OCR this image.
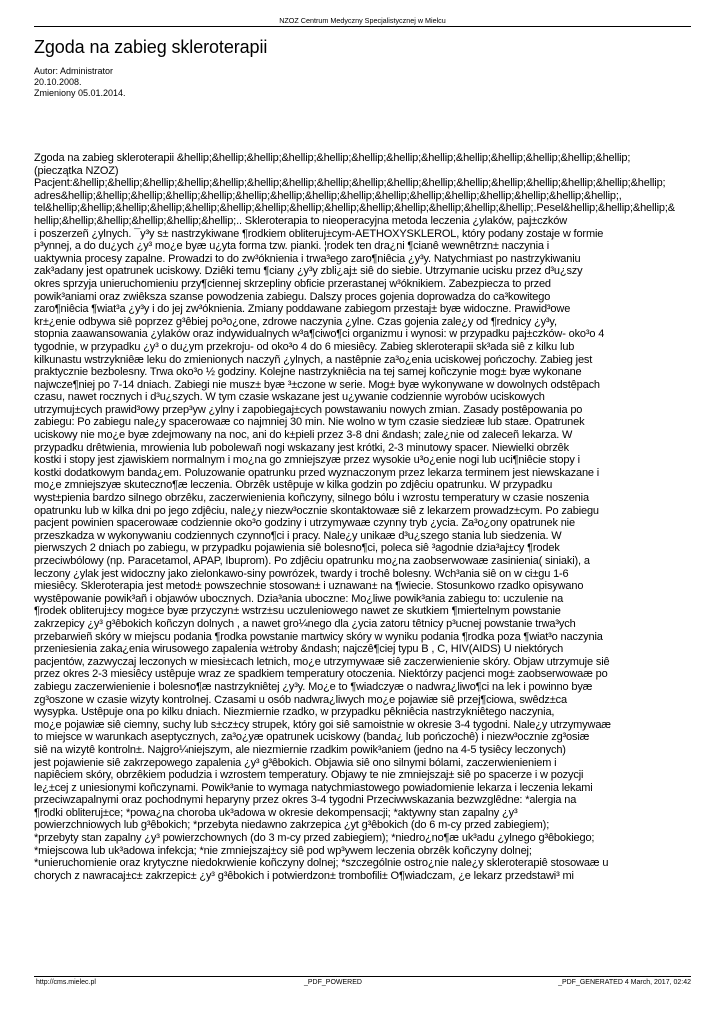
NZOZ Centrum Medyczny Specjalistycznej w Mielcu
Zgoda na zabieg skleroterapii
Autor: Administrator
20.10.2008.
Zmieniony 05.01.2014.
Zgoda na zabieg skleroterapii &hellip;&hellip;&hellip;&hellip;&hellip;&hellip;&hellip;&hellip;&hellip;&hellip;&hellip;&hellip;&hellip;
(pieczątka NZOZ)
Pacjent:&hellip;&hellip;&hellip;&hellip;&hellip;&hellip;&hellip;&hellip;&hellip;&hellip;&hellip;&hellip;&hellip;&hellip;&hellip;&hellip;&hellip;
adres&hellip;&hellip;&hellip;&hellip;&hellip;&hellip;&hellip;&hellip;&hellip;&hellip;&hellip;&hellip;&hellip;&hellip;&hellip;&hellip;,
tel&hellip;&hellip;&hellip;&hellip;&hellip;&hellip;&hellip;&hellip;&hellip;&hellip;&hellip;&hellip;&hellip;&hellip;.Pesel&hellip;&hellip;&hellip;&
hellip;&hellip;&hellip;&hellip;&hellip;&hellip;.. Skleroterapia to nieoperacyjna metoda leczenia ¿ylaków, paj±czków
i poszerzeñ ¿ylnych. ¯y³y s± nastrzykiwane ¶rodkiem obliteruj±cym-AETHOXYSKLEROL, który podany zostaje w formie
p³ynnej, a do du¿ych ¿y³ mo¿e byæ u¿yta forma tzw. pianki. ¦rodek ten dra¿ni ¶cianê wewnêtrzn± naczynia i
uaktywnia procesy zapalne. Prowadzi to do zw³óknienia i trwa³ego zaro¶niêcia ¿y³y. Natychmiast po nastrzykiwaniu
zak³adany jest opatrunek uciskowy. Dziêki temu ¶ciany ¿y³y zbli¿aj± siê do siebie. Utrzymanie ucisku przez d³u¿szy
okres sprzyja unieruchomieniu przy¶ciennej skrzepliny obficie przerastanej w³óknikiem. Zabezpiecza to przed
powik³aniami oraz zwiêksza szanse powodzenia zabiegu. Dalszy proces gojenia doprowadza do ca³kowitego
zaro¶niêcia ¶wiat³a ¿y³y i do jej zw³óknienia. Zmiany poddawane zabiegom przestaj± byæ widoczne. Prawid³owe
kr±¿enie odbywa siê poprzez g³êbiej po³o¿one, zdrowe naczynia ¿ylne. Czas gojenia zale¿y od ¶rednicy ¿y³y,
stopnia zaawansowania ¿ylaków oraz indywidualnych w³a¶ciwo¶ci organizmu i wynosi: w przypadku paj±czków- oko³o 4
tygodnie, w przypadku ¿y³ o du¿ym przekroju- od oko³o 4 do 6 miesiêcy. Zabieg skleroterapii sk³ada siê z kilku lub
kilkunastu wstrzykniêæ leku do zmienionych naczyñ ¿ylnych, a nastêpnie za³o¿enia uciskowej pończochy. Zabieg jest
praktycznie bezbolesny. Trwa oko³o ½ godziny. Kolejne nastrzykniêcia na tej samej koñczynie mog± byæ wykonane
najwcze¶niej po 7-14 dniach. Zabiegi nie musz± byæ ³±czone w serie. Mog± byæ wykonywane w dowolnych odstêpach
czasu, nawet rocznych i d³u¿szych. W tym czasie wskazane jest u¿ywanie codziennie wyrobów uciskowych
utrzymuj±cych prawid³owy przep³yw ¿ylny i zapobiegaj±cych powstawaniu nowych zmian. Zasady postêpowania po
zabiegu: Po zabiegu nale¿y spacerowaæ co najmniej 30 min. Nie wolno w tym czasie siedzieæ lub staæ. Opatrunek
uciskowy nie mo¿e byæ zdejmowany na noc, ani do k±pieli przez 3-8 dni &ndash; zale¿nie od zaleceñ lekarza. W
przypadku drêtwienia, mrowienia lub pobolewañ nogi wskazany jest krótki, 2-3 minutowy spacer. Niewielki obrzêk
kostki i stopy jest zjawiskiem normalnym i mo¿na go zmniejszyæ przez wysokie u³o¿enie nogi lub uci¶niêcie stopy i
kostki dodatkowym banda¿em. Poluzowanie opatrunku przed wyznaczonym przez lekarza terminem jest niewskazane i
mo¿e zmniejszyæ skuteczno¶æ leczenia. Obrzêk ustêpuje w kilka godzin po zdjêciu opatrunku. W przypadku
wyst±pienia bardzo silnego obrzêku, zaczerwienienia koñczyny, silnego bólu i wzrostu temperatury w czasie noszenia
opatrunku lub w kilka dni po jego zdjêciu, nale¿y niezw³ocznie skontaktowaæ siê z lekarzem prowadz±cym. Po zabiegu
pacjent powinien spacerowaæ codziennie oko³o godziny i utrzymywaæ czynny tryb ¿ycia. Za³o¿ony opatrunek nie
przeszkadza w wykonywaniu codziennych czynno¶ci i pracy. Nale¿y unikaæ d³u¿szego stania lub siedzenia. W
pierwszych 2 dniach po zabiegu, w przypadku pojawienia siê bolesno¶ci, poleca siê ³agodnie dzia³aj±cy ¶rodek
przeciwbólowy (np. Paracetamol, APAP, Ibuprom). Po zdjêciu opatrunku mo¿na zaobserwowaæ zasinienia( siniaki), a
leczony ¿ylak jest widoczny jako zielonkawo-siny powrózek, twardy i trochê bolesny. Wch³ania siê on w ci±gu 1-6
miesiêcy. Skleroterapia jest metod± powszechnie stosowan± i uznawan± na ¶wiecie. Stosunkowo rzadko opisywano
wystêpowanie powik³añ i objawów ubocznych. Dzia³ania uboczne: Mo¿liwe powik³ania zabiegu to: uczulenie na
¶rodek obliteruj±cy mog±ce byæ przyczyn± wstrz±su uczuleniowego nawet ze skutkiem ¶miertelnym powstanie
zakrzepicy ¿y³ g³êbokich koñczyn dolnych , a nawet gro¼nego dla ¿ycia zatoru têtnicy p³ucnej powstanie trwa³ych
przebarwieñ skóry w miejscu podania ¶rodka powstanie martwicy skóry w wyniku podania ¶rodka poza ¶wiat³o naczynia
przeniesienia zaka¿enia wirusowego zapalenia w±troby &ndash; najczê¶ciej typu B , C, HIV(AIDS) U niektórych
pacjentów, zazwyczaj leczonych w miesi±cach letnich, mo¿e utrzymywaæ siê zaczerwienienie skóry. Objaw utrzymuje siê
przez okres 2-3 miesiêcy ustêpuje wraz ze spadkiem temperatury otoczenia. Niektórzy pacjenci mog± zaobserwowaæ po
zabiegu zaczerwienienie i bolesno¶æ nastrzykniêtej ¿y³y. Mo¿e to ¶wiadczyæ o nadwra¿liwo¶ci na lek i powinno byæ
zg³oszone w czasie wizyty kontrolnej. Czasami u osób nadwra¿liwych mo¿e pojawiæ siê przej¶ciowa, swêdz±ca
wysypka. Ustêpuje ona po kilku dniach. Niezmiernie rzadko, w przypadku pêkniêcia nastrzykniêtego naczynia,
mo¿e pojawiæ siê ciemny, suchy lub s±cz±cy strupek, który goi siê samoistnie w okresie 3-4 tygodni. Nale¿y utrzymywaæ
to miejsce w warunkach aseptycznych, za³o¿yæ opatrunek uciskowy (banda¿ lub pończochê) i niezw³ocznie zg³osiæ
siê na wizytê kontroln±. Najgro¼niejszym, ale niezmiernie rzadkim powik³aniem (jedno na 4-5 tysiêcy leczonych)
jest pojawienie siê zakrzepowego zapalenia ¿y³ g³êbokich. Objawia siê ono silnymi bólami, zaczerwienieniem i
napiêciem skóry, obrzêkiem podudzia i wzrostem temperatury. Objawy te nie zmniejszaj± siê po spacerze i w pozycji
le¿±cej z uniesionymi koñczynami. Powik³anie to wymaga natychmiastowego powiadomienie lekarza i leczenia lekami
przeciwzapalnymi oraz pochodnymi heparyny przez okres 3-4 tygodni Przeciwwskazania bezwzglêdne: *alergia na
¶rodki obliteruj±ce; *powa¿na choroba uk³adowa w okresie dekompensacji; *aktywny stan zapalny ¿y³
powierzchniowych lub g³êbokich; *przebyta niedawno zakrzepica ¿yt g³êbokich (do 6 m-cy przed zabiegiem);
*przebyty stan zapalny ¿y³ powierzchownych (do 3 m-cy przed zabiegiem); *niedro¿no¶æ uk³adu ¿ylnego g³êbokiego;
*miejscowa lub uk³adowa infekcja; *nie zmniejszaj±cy siê pod wp³ywem leczenia obrzêk koñczyny dolnej;
*unieruchomienie oraz krytyczne niedokrwienie koñczyny dolnej; *szczególnie ostro¿nie nale¿y skleroterapiê stosowaæ u
chorych z nawracaj±c± zakrzepic± ¿y³ g³êbokich i potwierdzon± trombofili± O¶wiadczam, ¿e lekarz przedstawi³ mi
http://cms.mielec.pl	_PDF_POWERED	_PDF_GENERATED 4 March, 2017, 02:42
